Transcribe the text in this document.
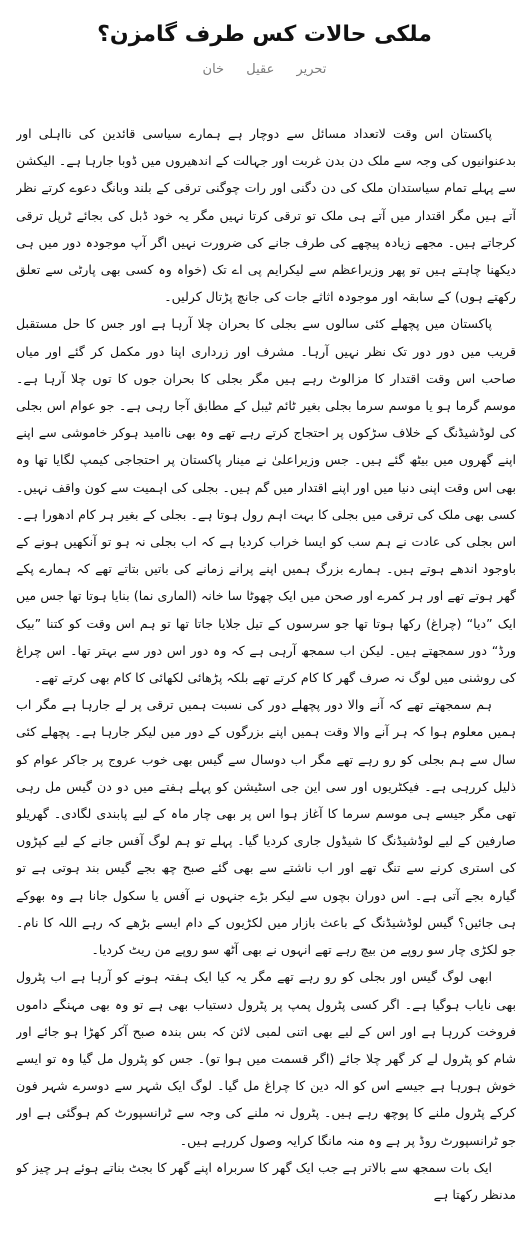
ملکی حالات کس طرف گامزن؟
تحریر عقیل خان

پاکستان اس وقت لاتعداد مسائل سے دوچار ہے ہمارے سیاسی قائدین کی نااہلی اور بدعنوانیوں کی وجہ سے ملک دن بدن غربت اور جہالت کے اندھیروں میں ڈوبا جارہا ہے۔ الیکشن سے پہلے تمام سیاستدان ملک کی دن دگنی اور رات چوگنی ترقی کے بلند وبانگ دعوے کرتے نظر آتے ہیں مگر اقتدار میں آتے ہی ملک تو ترقی کرتا نہیں مگر یہ خود ڈبل کی بجائے ٹرپل ترقی کرجاتے ہیں۔ مجھے زیادہ پیچھے کی طرف جانے کی ضرورت نہیں اگر آپ موجودہ دور میں ہی دیکھنا چاہتے ہیں تو پھر وزیراعظم سے لیکرایم پی اے تک (خواہ وہ کسی بھی پارٹی سے تعلق رکھتے ہوں) کے سابقہ اور موجودہ اثاثے جات کی جانچ پڑتال کرلیں۔

پاکستان میں پچھلے کئی سالوں سے بجلی کا بحران چلا آرہا ہے اور جس کا حل مستقبل قریب میں دور دور تک نظر نہیں آرہا۔ مشرف اور زرداری اپنا دور مکمل کر گئے اور میاں صاحب اس وقت اقتدار کا مزالوٹ رہے ہیں مگر بجلی کا بحران جوں کا توں چلا آرہا ہے۔ موسم گرما ہو یا موسم سرما بجلی بغیر ٹائم ٹیبل کے مطابق آجا رہی ہے۔ جو عوام اس بجلی کی لوڈشیڈنگ کے خلاف سڑکوں پر احتجاج کرتے رہے تھے وہ بھی ناامید ہوکر خاموشی سے اپنے اپنے گھروں میں بیٹھ گئے ہیں۔ جس وزیراعلیٰ نے مینار پاکستان پر احتجاجی کیمپ لگایا تھا وہ بھی اس وقت اپنی دنیا میں اور اپنے اقتدار میں گم ہیں۔ بجلی کی اہمیت سے کون واقف نہیں۔ کسی بھی ملک کی ترقی میں بجلی کا بہت اہم رول ہوتا ہے۔ بجلی کے بغیر ہر کام ادھورا ہے۔ اس بجلی کی عادت نے ہم سب کو ایسا خراب کردیا ہے کہ اب بجلی نہ ہو تو آنکھیں ہونے کے باوجود اندھے ہوتے ہیں۔ ہمارے بزرگ ہمیں اپنے پرانے زمانے کی باتیں بتاتے تھے کہ ہمارے پکے گھر ہوتے تھے اور ہر کمرے اور صحن میں ایک چھوٹا سا خانہ (الماری نما) بنایا ہوتا تھا جس میں ایک ”دیا“ (چراغ) رکھا ہوتا تھا جو سرسوں کے تیل جلایا جاتا تھا تو ہم اس وقت کو کتنا ”بیک ورڈ“ دور سمجھتے ہیں۔ لیکن اب سمجھ آرہی ہے کہ وہ دور اس دور سے بہتر تھا۔ اس چراغ کی روشنی میں لوگ نہ صرف گھر کا کام کرتے تھے بلکہ پڑھائی لکھائی کا کام بھی کرتے تھے۔

ہم سمجھتے تھے کہ آنے والا دور پچھلے دور کی نسبت ہمیں ترقی پر لے جارہا ہے مگر اب ہمیں معلوم ہوا کہ ہر آنے والا وقت ہمیں اپنے بزرگوں کے دور میں لیکر جارہا ہے۔ پچھلے کئی سال سے ہم بجلی کو رو رہے تھے مگر اب دوسال سے گیس بھی خوب عروج پر جاکر عوام کو ذلیل کررہی ہے۔ فیکٹریوں اور سی این جی اسٹیشن کو پہلے ہفتے میں دو دن گیس مل رہی تھی مگر جیسے ہی موسم سرما کا آغاز ہوا اس پر بھی چار ماہ کے لیے پابندی لگادی۔ گھریلو صارفین کے لیے لوڈشیڈنگ کا شیڈول جاری کردیا گیا۔ پہلے تو ہم لوگ آفس جانے کے لیے کپڑوں کی استری کرنے سے تنگ تھے اور اب ناشتے سے بھی گئے صبح چھ بجے گیس بند ہوتی ہے تو گیارہ بجے آتی ہے۔ اس دوران بچوں سے لیکر بڑے جنہوں نے آفس یا سکول جانا ہے وہ بھوکے ہی جائیں؟ گیس لوڈشیڈنگ کے باعث بازار میں لکڑیوں کے دام ایسے بڑھے کہ رہے اللہ کا نام۔ جو لکڑی چار سو روپے من بیچ رہے تھے انہوں نے بھی آٹھ سو روپے من ریٹ کردیا۔

ابھی لوگ گیس اور بجلی کو رو رہے تھے مگر یہ کیا ایک ہفتہ ہونے کو آرہا ہے اب پٹرول بھی نایاب ہوگیا ہے۔ اگر کسی پٹرول پمپ پر پٹرول دستیاب بھی ہے تو وہ بھی مہنگے داموں فروخت کررہا ہے اور اس کے لیے بھی اتنی لمبی لائن کہ بس بندہ صبح آکر کھڑا ہو جائے اور شام کو پٹرول لے کر گھر چلا جائے (اگر قسمت میں ہوا تو)۔ جس کو پٹرول مل گیا وہ تو ایسے خوش ہورہا ہے جیسے اس کو الہ دین کا چراغ مل گیا۔ لوگ ایک شہر سے دوسرے شہر فون کرکے پٹرول ملنے کا پوچھ رہے ہیں۔ پٹرول نہ ملنے کی وجہ سے ٹرانسپورٹ کم ہوگئی ہے اور جو ٹرانسپورٹ روڈ پر ہے وہ منہ مانگا کرایہ وصول کررہے ہیں۔

ایک بات سمجھ سے بالاتر ہے جب ایک گھر کا سربراہ اپنے گھر کا بجٹ بناتے ہوئے ہر چیز کو مدنظر رکھتا ہے
